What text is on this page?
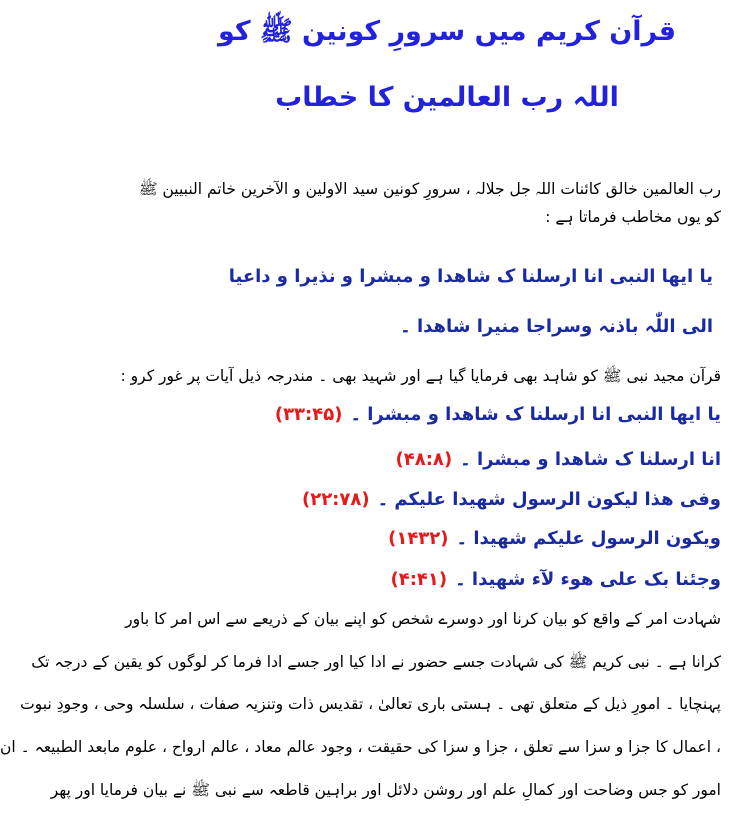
قرآن کریم میں سرورِ کونین ﷺ کو
اللہ رب العالمین کا خطاب
رب العالمین خالق کائنات اللہ جل جلالہ ، سرورِ کونین سید الاولین و الآخرین خاتم النبیین ﷺ
کو یوں مخاطب فرماتا ہے :
یا ایھا النبی انا ارسلنا ک شاھدا و مبشرا و نذیرا و داعیا
الی اللّٰہ باذنہ وسراجا منیرا شاھدا ۔
قرآن مجید نبی ﷺ کو شاہد بھی فرمایا گیا ہے اور شہید بھی ۔ مندرجہ ذیل آیات پر غور کرو :
یا ایھا النبی انا ارسلنا ک شاھدا و مبشرا ۔(۳۳:۴۵)
انا ارسلنا ک شاھدا و مبشرا ۔(۴۸:۸)
وفی ھذا لیکون الرسول شھیدا علیکم ۔(۲۲:۷۸)
ویکون الرسول علیکم شھیدا ۔(۱۴۳۲)
وجئنا بک علی ھوء لآء شھیدا ۔(۴:۴۱)
شہادت امر کے واقع کو بیان کرنا اور دوسرے شخص کو اپنے بیان کے ذریعے سے اس امر کا باور
کرانا ہے ۔ نبی کریم ﷺ کی شہادت جسے حضور نے ادا کیا اور جسے ادا فرما کر لوگوں کو یقین کے درجہ تک
پہنچایا ۔ امورِ ذیل کے متعلق تھی ۔ ہستی باری تعالیٰ ، تقدیس ذات وتنزیہ صفات ، سلسلہ وحی ، وجودِ نبوت
، اعمال کا جزا و سزا سے تعلق ، جزا و سزا کی حقیقت ، وجود عالم معاد ، عالم ارواح ، علوم مابعد الطبیعہ ۔ ان
امور کو جس وضاحت اور کمالِ علم اور روشن دلائل اور براہین قاطعہ سے نبی ﷺ نے بیان فرمایا اور پھر
